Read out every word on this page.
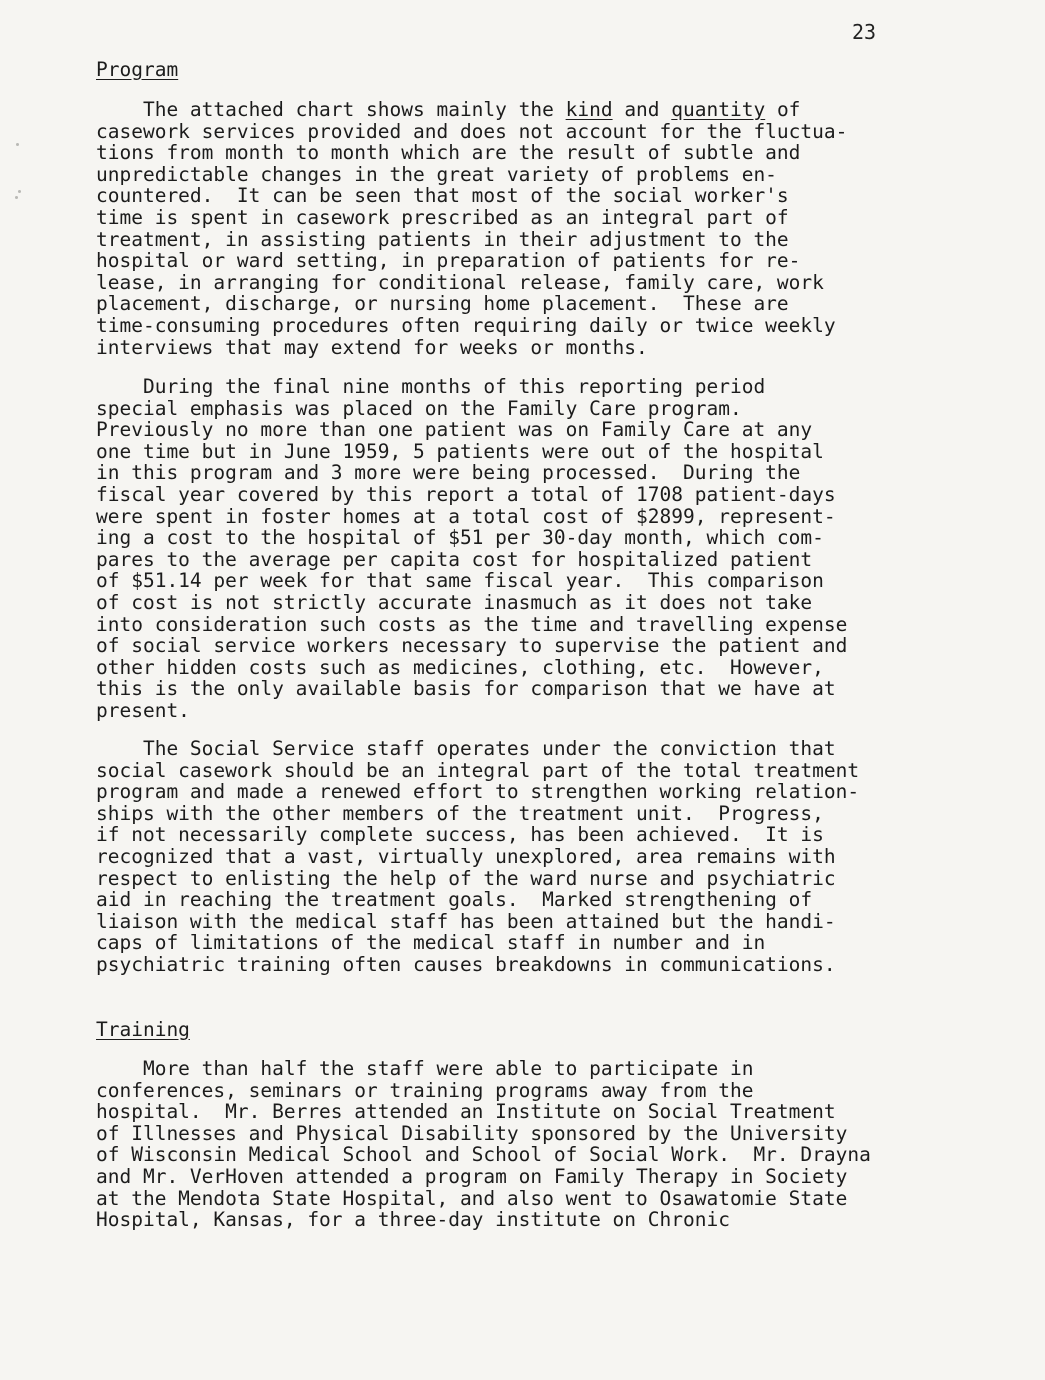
23
Program
The attached chart shows mainly the kind and quantity of
casework services provided and does not account for the fluctua-
tions from month to month which are the result of subtle and
unpredictable changes in the great variety of problems en-
countered.  It can be seen that most of the social worker's
time is spent in casework prescribed as an integral part of
treatment, in assisting patients in their adjustment to the
hospital or ward setting, in preparation of patients for re-
lease, in arranging for conditional release, family care, work
placement, discharge, or nursing home placement.  These are
time-consuming procedures often requiring daily or twice weekly
interviews that may extend for weeks or months.
During the final nine months of this reporting period
special emphasis was placed on the Family Care program.
Previously no more than one patient was on Family Care at any
one time but in June 1959, 5 patients were out of the hospital
in this program and 3 more were being processed.  During the
fiscal year covered by this report a total of 1708 patient-days
were spent in foster homes at a total cost of $2899, represent-
ing a cost to the hospital of $51 per 30-day month, which com-
pares to the average per capita cost for hospitalized patient
of $51.14 per week for that same fiscal year.  This comparison
of cost is not strictly accurate inasmuch as it does not take
into consideration such costs as the time and travelling expense
of social service workers necessary to supervise the patient and
other hidden costs such as medicines, clothing, etc.  However,
this is the only available basis for comparison that we have at
present.
The Social Service staff operates under the conviction that
social casework should be an integral part of the total treatment
program and made a renewed effort to strengthen working relation-
ships with the other members of the treatment unit.  Progress,
if not necessarily complete success, has been achieved.  It is
recognized that a vast, virtually unexplored, area remains with
respect to enlisting the help of the ward nurse and psychiatric
aid in reaching the treatment goals.  Marked strengthening of
liaison with the medical staff has been attained but the handi-
caps of limitations of the medical staff in number and in
psychiatric training often causes breakdowns in communications.
Training
More than half the staff were able to participate in
conferences, seminars or training programs away from the
hospital.  Mr. Berres attended an Institute on Social Treatment
of Illnesses and Physical Disability sponsored by the University
of Wisconsin Medical School and School of Social Work.  Mr. Drayna
and Mr. VerHoven attended a program on Family Therapy in Society
at the Mendota State Hospital, and also went to Osawatomie State
Hospital, Kansas, for a three-day institute on Chronic
